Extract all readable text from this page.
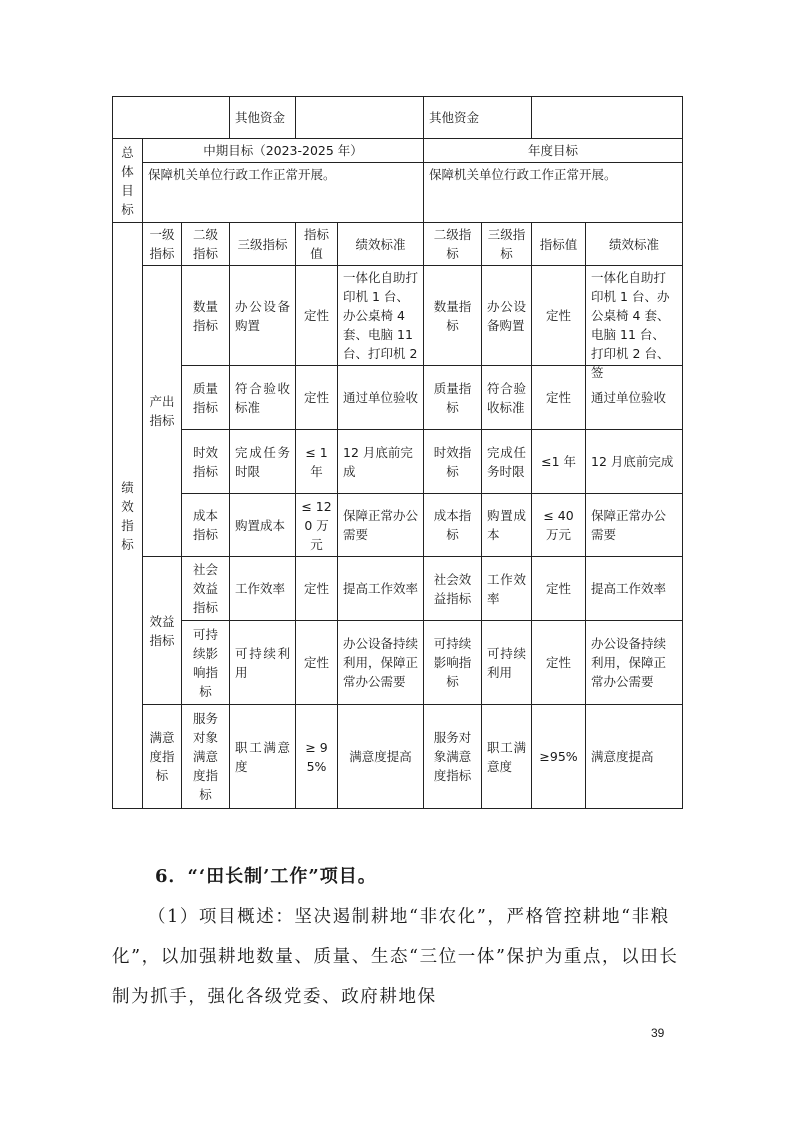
			其他资金			其他资金			
总体目标	中期目标（2023-2025 年）					年度目标			
	保障机关单位行政工作正常开展。					保障机关单位行政工作正常开展。			
绩效指标	一级指标	二级指标	三级指标	指标值	绩效标准	二级指标	三级指标	指标值	绩效标准
	产出指标	数量指标	办公设备购置	定性	一体化自助打印机 1 台、办公桌椅 4 套、电脑 11 台、打印机 2	数量指标	办公设备购置	定性	一体化自助打印机 1 台、办公桌椅 4 套、电脑 11 台、打印机 2 台、签

		质量指标	符合验收标准	定性	通过单位验收	质量指标	符合验收标准	定性	通过单位验收
		时效指标	完成任务时限	≤ 1 年	12 月底前完成	时效指标	完成任务时限	≤1 年	12 月底前完成
		成本指标	购置成本	≤ 120 万元	保障正常办公需要	成本指标	购置成本	≤ 40 万元	保障正常办公需要
	效益指标	社会效益指标	工作效率	定性	提高工作效率	社会效益指标	工作效率	定性	提高工作效率
		可持续影响指标	可持续利用	定性	办公设备持续利用，保障正常办公需要	可持续影响指标	可持续利用	定性	办公设备持续利用，保障正常办公需要
	满意度指标	服务对象满意度指标	职工满意度	≥ 95%	满意度提高	服务对象满意度指标	职工满意度	≥95%	满意度提高
6．“‘田长制’工作”项目。
（1）项目概述：坚决遏制耕地“非农化”，严格管控耕地“非粮化”，以加强耕地数量、质量、生态“三位一体”保护为重点，以田长制为抓手，强化各级党委、政府耕地保
39
